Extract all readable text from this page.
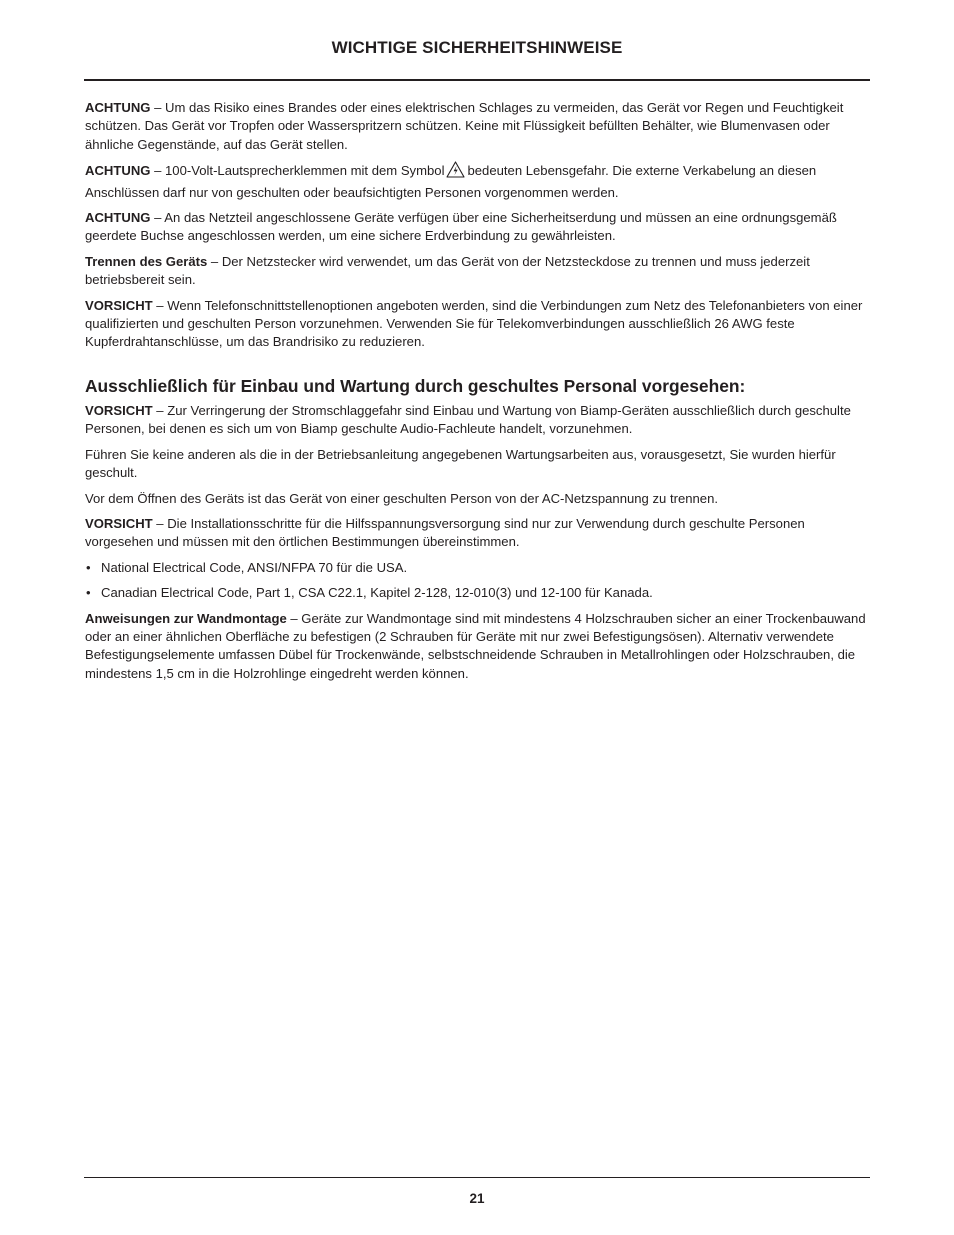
WICHTIGE SICHERHEITSHINWEISE

ACHTUNG – Um das Risiko eines Brandes oder eines elektrischen Schlages zu vermeiden, das Gerät vor Regen und Feuchtigkeit schützen. Das Gerät vor Tropfen oder Wasserspritzern schützen. Keine mit Flüssigkeit befüllten Behälter, wie Blumenvasen oder ähnliche Gegenstände, auf das Gerät stellen.

ACHTUNG – 100-Volt-Lautsprecherklemmen mit dem Symbol bedeuten Lebensgefahr. Die externe Verkabelung an diesen Anschlüssen darf nur von geschulten oder beaufsichtigten Personen vorgenommen werden.

ACHTUNG – An das Netzteil angeschlossene Geräte verfügen über eine Sicherheitserdung und müssen an eine ordnungsgemäß geerdete Buchse angeschlossen werden, um eine sichere Erdverbindung zu gewährleisten.

Trennen des Geräts – Der Netzstecker wird verwendet, um das Gerät von der Netzsteckdose zu trennen und muss jederzeit betriebsbereit sein.

VORSICHT – Wenn Telefonschnittstellenoptionen angeboten werden, sind die Verbindungen zum Netz des Telefonanbieters von einer qualifizierten und geschulten Person vorzunehmen. Verwenden Sie für Telekomverbindungen ausschließlich 26 AWG feste Kupferdrahtanschlüsse, um das Brandrisiko zu reduzieren.

Ausschließlich für Einbau und Wartung durch geschultes Personal vorgesehen:

VORSICHT – Zur Verringerung der Stromschlaggefahr sind Einbau und Wartung von Biamp-Geräten ausschließlich durch geschulte Personen, bei denen es sich um von Biamp geschulte Audio-Fachleute handelt, vorzunehmen.

Führen Sie keine anderen als die in der Betriebsanleitung angegebenen Wartungsarbeiten aus, vorausgesetzt, Sie wurden hierfür geschult.

Vor dem Öffnen des Geräts ist das Gerät von einer geschulten Person von der AC-Netzspannung zu trennen.

VORSICHT – Die Installationsschritte für die Hilfsspannungsversorgung sind nur zur Verwendung durch geschulte Personen vorgesehen und müssen mit den örtlichen Bestimmungen übereinstimmen.

• National Electrical Code, ANSI/NFPA 70 für die USA.
• Canadian Electrical Code, Part 1, CSA C22.1, Kapitel 2-128, 12-010(3) und 12-100 für Kanada.

Anweisungen zur Wandmontage – Geräte zur Wandmontage sind mit mindestens 4 Holzschrauben sicher an einer Trockenbauwand oder an einer ähnlichen Oberfläche zu befestigen (2 Schrauben für Geräte mit nur zwei Befestigungsösen). Alternativ verwendete Befestigungselemente umfassen Dübel für Trockenwände, selbstschneidende Schrauben in Metallrohlingen oder Holzschrauben, die mindestens 1,5 cm in die Holzrohlinge eingedreht werden können.

21
